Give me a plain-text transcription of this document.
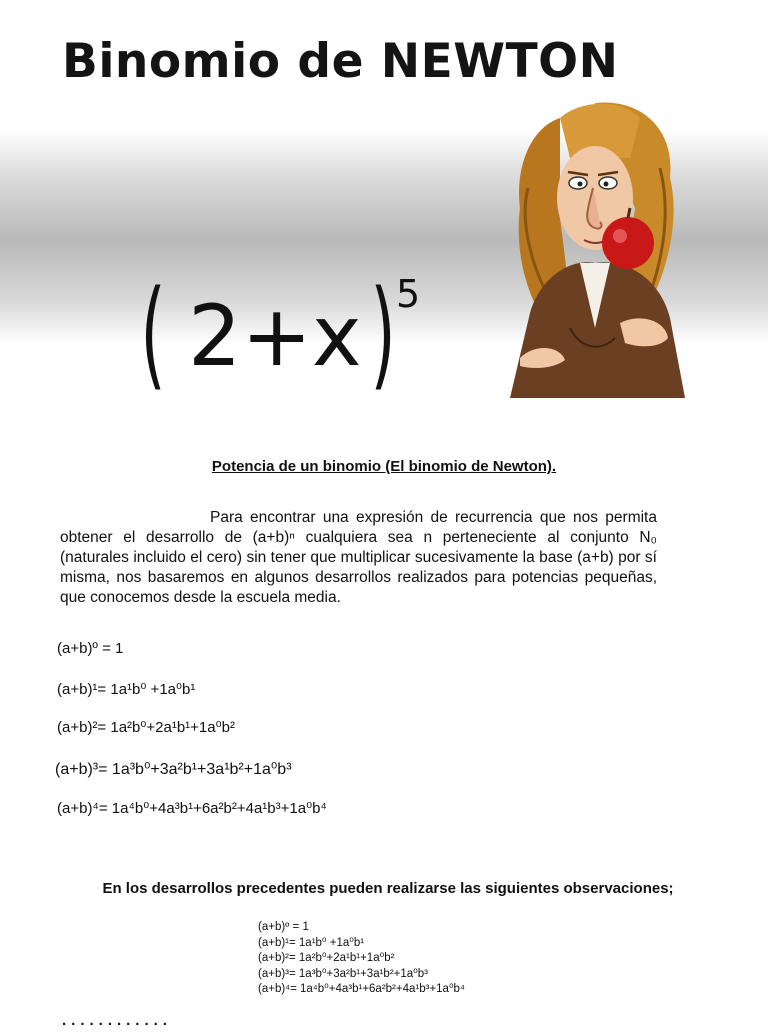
Binomio de NEWTON
( 2+x ) 5
Potencia de un binomio (El binomio de Newton).

Para encontrar una expresión de recurrencia que nos permita obtener el desarrollo de (a+b)ⁿ cualquiera sea n perteneciente al conjunto N₀ (naturales incluido el cero) sin tener que multiplicar sucesivamente la base (a+b) por sí misma, nos basaremos en algunos desarrollos realizados para potencias pequeñas, que conocemos desde la escuela media.

(a+b)º = 1

(a+b)¹= 1a¹b⁰ +1a⁰b¹

(a+b)²= 1a²b⁰+2a¹b¹+1a⁰b²

(a+b)³= 1a³b⁰+3a²b¹+3a¹b²+1a⁰b³

(a+b)⁴= 1a⁴b⁰+4a³b¹+6a²b²+4a¹b³+1a⁰b⁴

En los desarrollos precedentes pueden realizarse las siguientes observaciones;
(a+b)º = 1
(a+b)¹= 1a¹b⁰ +1a⁰b¹
(a+b)²= 1a²b⁰+2a¹b¹+1a⁰b²
(a+b)³= 1a³b⁰+3a²b¹+3a¹b²+1a⁰b³
(a+b)⁴= 1a⁴b⁰+4a³b¹+6a²b²+4a¹b³+1a⁰b⁴
· · · · · · · · · · · ·
